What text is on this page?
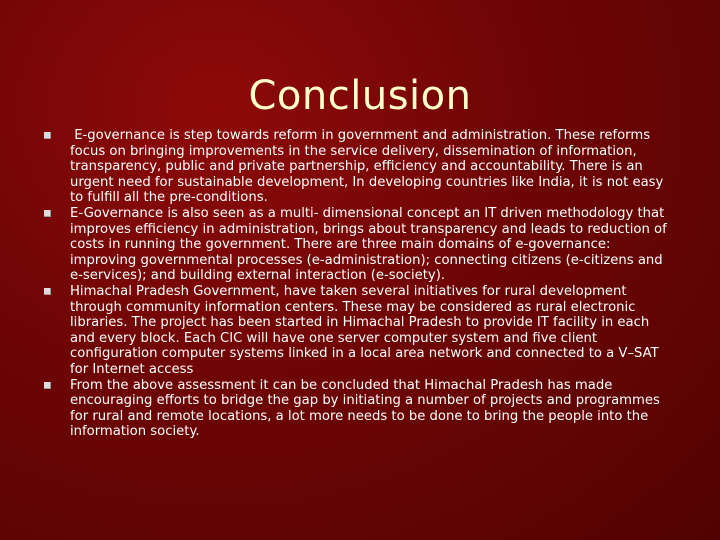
Conclusion
E-governance is step towards reform in government and administration. These reforms focus on bringing improvements in the service delivery, dissemination of information, transparency, public and private partnership, efficiency and accountability. There is an urgent need for sustainable development, In developing countries like India, it is not easy to fulfill all the pre-conditions.
E-Governance is also seen as a multi- dimensional concept an IT driven methodology that improves efficiency in administration, brings about transparency and leads to reduction of costs in running the government. There are three main domains of e-governance: improving governmental processes (e-administration); connecting citizens (e-citizens and e-services); and building external interaction (e-society).
Himachal Pradesh Government, have taken several initiatives for rural development through community information centers. These may be considered as rural electronic libraries. The project has been started in Himachal Pradesh to provide IT facility in each and every block. Each CIC will have one server computer system and five client configuration computer systems linked in a local area network and connected to a V–SAT for Internet access
From the above assessment it can be concluded that Himachal Pradesh has made encouraging efforts to bridge the gap by initiating a number of projects and programmes for rural and remote locations, a lot more needs to be done to bring the people into the information society.
